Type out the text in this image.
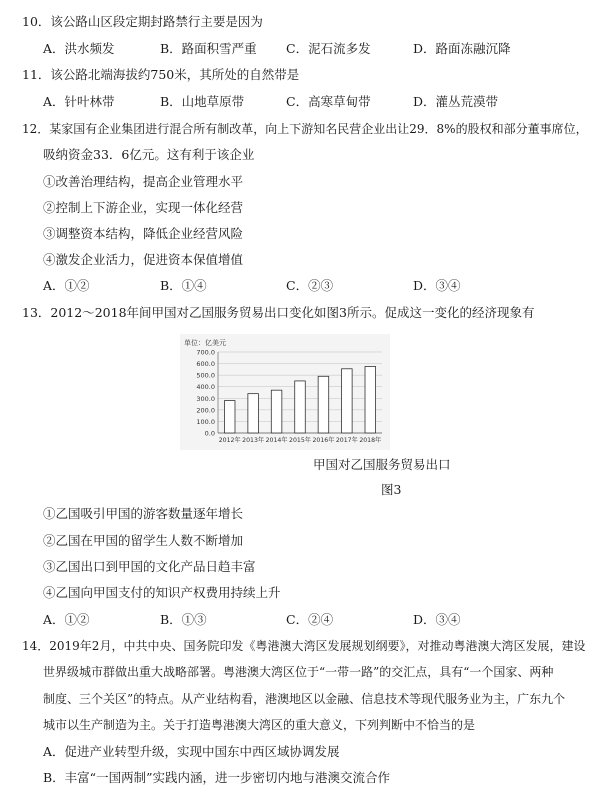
10．该公路山区段定期封路禁行主要是因为
A．洪水频发	B．路面积雪严重 C．泥石流多发	D．路面冻融沉降
11．该公路北端海拔约750米，其所处的自然带是
A．针叶林带	B．山地草原带	C．高寒草甸带	D．灌丛荒漠带
12．某家国有企业集团进行混合所有制改革，向上下游知名民营企业出让29．8%的股权和部分董事席位，
吸纳资金33．6亿元。这有利于该企业
①改善治理结构，提高企业管理水平
②控制上下游企业，实现一体化经营
③调整资本结构，降低企业经营风险
④激发企业活力，促进资本保值增值
A．①②	B．①④	C．②③	D．③④
13．2012～2018年间甲国对乙国服务贸易出口变化如图3所示。促成这一变化的经济现象有
单位：亿美元
0.0
100.0
200.0
300.0
400.0
500.0
600.0
700.0
2012年 2013年 2014年 2015年 2016年 2017年 2018年
甲国对乙国服务贸易出口
图3
①乙国吸引甲国的游客数量逐年增长
②乙国在甲国的留学生人数不断增加
③乙国出口到甲国的文化产品日趋丰富
④乙国向甲国支付的知识产权费用持续上升
A．①②	B．①③	C．②④	D．③④
14．2019年2月，中共中央、国务院印发《粤港澳大湾区发展规划纲要》，对推动粤港澳大湾区发展，建设
世界级城市群做出重大战略部署。粤港澳大湾区位于“一带一路”的交汇点，具有“一个国家、两种
制度、三个关区”的特点。从产业结构看，港澳地区以金融、信息技术等现代服务业为主，广东九个
城市以生产制造为主。关于打造粤港澳大湾区的重大意义，下列判断中不恰当的是
A．促进产业转型升级，实现中国东中西区域协调发展
B．丰富“一国两制”实践内涵，进一步密切内地与港澳交流合作
